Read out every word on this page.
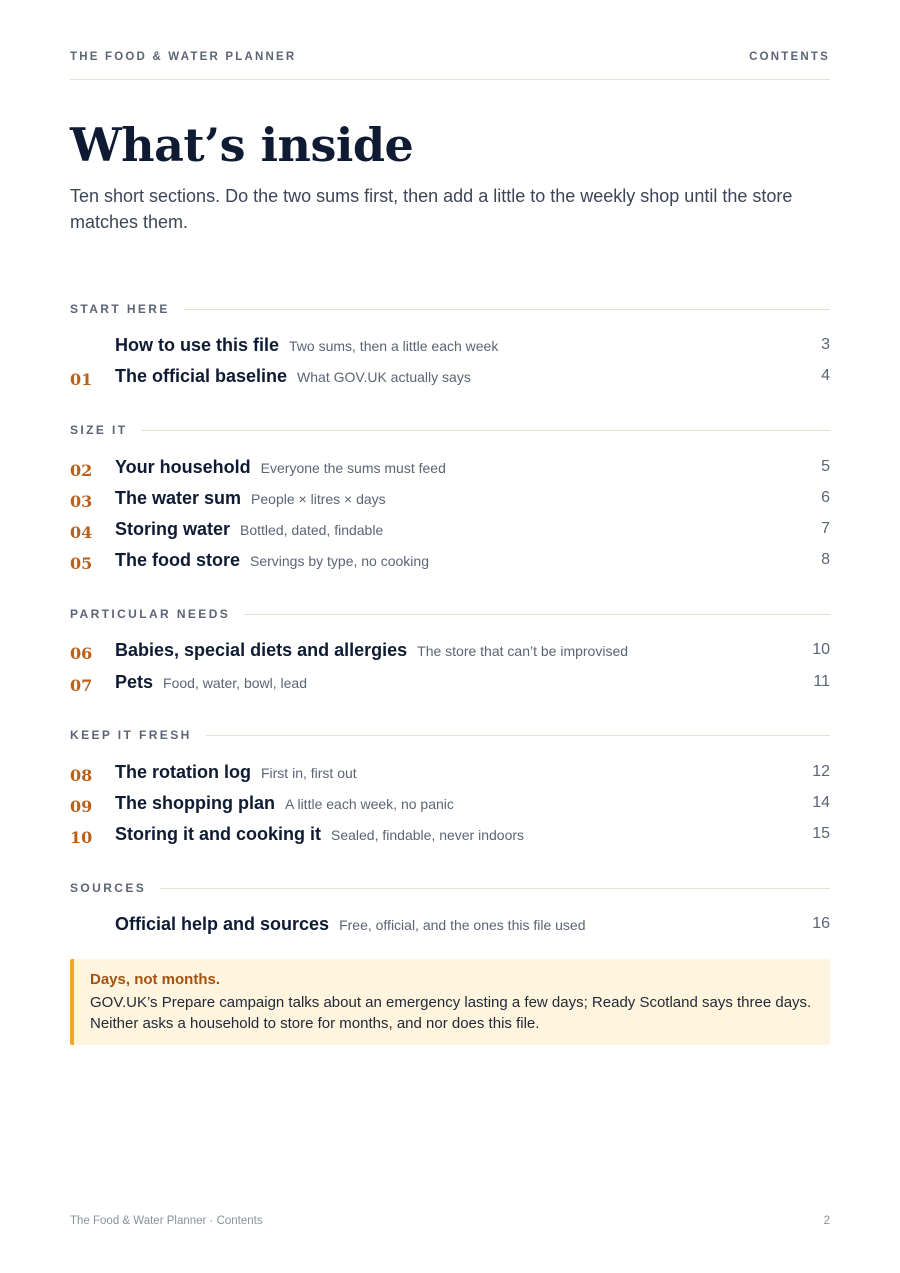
THE FOOD & WATER PLANNER	CONTENTS
What’s inside

Ten short sections. Do the two sums first, then add a little to the weekly shop until the store matches them.

START HERE
How to use this file Two sums, then a little each week	3
01 The official baseline What GOV.UK actually says	4
SIZE IT
02 Your household Everyone the sums must feed	5
03 The water sum People × litres × days	6
04 Storing water Bottled, dated, findable	7
05 The food store Servings by type, no cooking	8
PARTICULAR NEEDS
06 Babies, special diets and allergies The store that can’t be improvised	10
07 Pets Food, water, bowl, lead	11
KEEP IT FRESH
08 The rotation log First in, first out	12
09 The shopping plan A little each week, no panic	14
10 Storing it and cooking it Sealed, findable, never indoors	15
SOURCES
Official help and sources Free, official, and the ones this file used	16

Days, not months.

GOV.UK’s Prepare campaign talks about an emergency lasting a few days; Ready Scotland says three days. Neither asks a household to store for months, and nor does this file.

The Food & Water Planner · Contents	2
